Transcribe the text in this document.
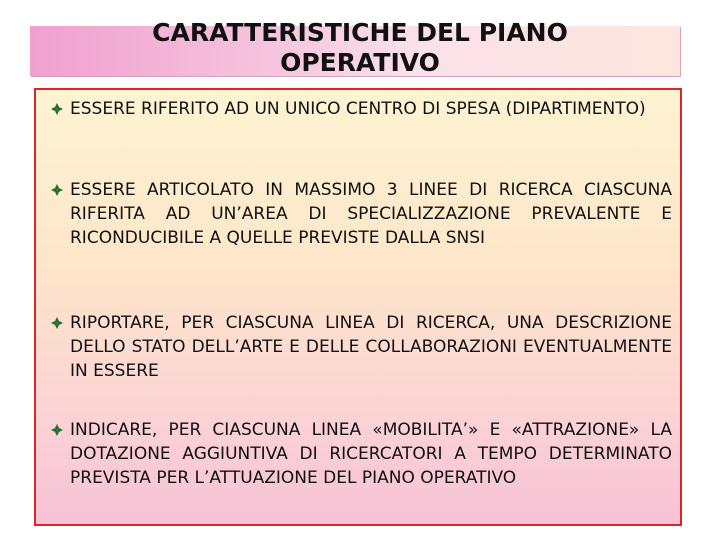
CARATTERISTICHE DEL PIANO
OPERATIVO
ESSERE RIFERITO AD UN UNICO CENTRO DI SPESA (DIPARTIMENTO)
ESSERE ARTICOLATO IN MASSIMO 3 LINEE DI RICERCA CIASCUNA RIFERITA AD UN’AREA DI SPECIALIZZAZIONE PREVALENTE E RICONDUCIBILE A QUELLE PREVISTE DALLA SNSI
RIPORTARE, PER CIASCUNA LINEA DI RICERCA, UNA DESCRIZIONE DELLO STATO DELL’ARTE E DELLE COLLABORAZIONI EVENTUALMENTE IN ESSERE
INDICARE, PER CIASCUNA LINEA «MOBILITA’» E «ATTRAZIONE» LA DOTAZIONE AGGIUNTIVA DI RICERCATORI A TEMPO DETERMINATO PREVISTA PER L’ATTUAZIONE DEL PIANO OPERATIVO
